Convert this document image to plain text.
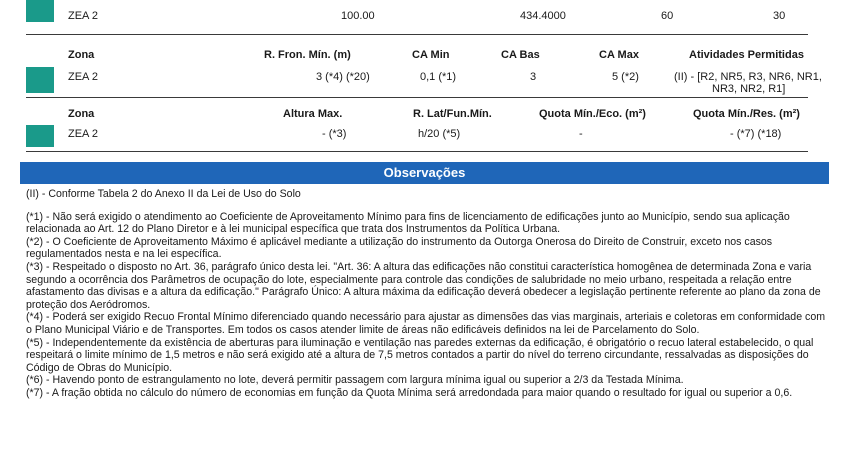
ZEA 2	100.00	434.4000	60	30
Zona	R. Fron. Mín. (m)	CA Min	CA Bas	CA Max	Atividades Permitidas
ZEA 2	3 (*4) (*20)	0,1 (*1)	3	5 (*2)	(II) - [R2, NR5, R3, NR6, NR1,
NR3, NR2, R1]
Zona	Altura Max.	R. Lat/Fun.Mín.	Quota Mín./Eco. (m²)	Quota Mín./Res. (m²)
ZEA 2	- (*3)	h/20 (*5)	-	- (*7) (*18)
Observações

(II) - Conforme Tabela 2 do Anexo II da Lei de Uso do Solo

(*1) - Não será exigido o atendimento ao Coeficiente de Aproveitamento Mínimo para fins de licenciamento de edificações junto ao Município, sendo sua aplicação relacionada ao Art. 12 do Plano Diretor e à lei municipal específica que trata dos Instrumentos da Política Urbana.

(*2) - O Coeficiente de Aproveitamento Máximo é aplicável mediante a utilização do instrumento da Outorga Onerosa do Direito de Construir, exceto nos casos regulamentados nesta e na lei específica.

(*3) - Respeitado o disposto no Art. 36, parágrafo único desta lei. "Art. 36: A altura das edificações não constitui característica homogênea de determinada Zona e varia segundo a ocorrência dos Parâmetros de ocupação do lote, especialmente para controle das condições de salubridade no meio urbano, respeitada a relação entre afastamento das divisas e a altura da edificação." Parágrafo Único: A altura máxima da edificação deverá obedecer a legislação pertinente referente ao plano da zona de proteção dos Aeródromos.

(*4) - Poderá ser exigido Recuo Frontal Mínimo diferenciado quando necessário para ajustar as dimensões das vias marginais, arteriais e coletoras em conformidade com o Plano Municipal Viário e de Transportes. Em todos os casos atender limite de áreas não edificáveis definidos na lei de Parcelamento do Solo.

(*5) - Independentemente da existência de aberturas para iluminação e ventilação nas paredes externas da edificação, é obrigatório o recuo lateral estabelecido, o qual respeitará o limite mínimo de 1,5 metros e não será exigido até a altura de 7,5 metros contados a partir do nível do terreno circundante, ressalvadas as disposições do Código de Obras do Município.

(*6) - Havendo ponto de estrangulamento no lote, deverá permitir passagem com largura mínima igual ou superior a 2/3 da Testada Mínima.

(*7) - A fração obtida no cálculo do número de economias em função da Quota Mínima será arredondada para maior quando o resultado for igual ou superior a 0,6.
